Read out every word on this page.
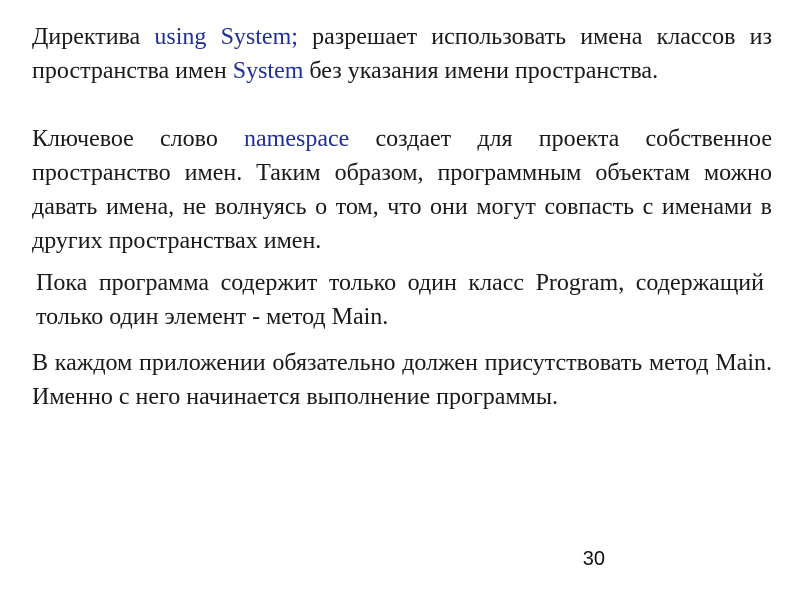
Директива using System; разрешает использовать имена классов из пространства имен System без указания имени пространства.
Ключевое слово namespace создает для проекта собственное пространство имен. Таким образом, программным объектам можно давать имена, не волнуясь о том, что они могут совпасть с именами в других пространствах имен.
Пока программа содержит только один класс Program, содержащий только один элемент - метод Main.
В каждом приложении обязательно должен присутствовать метод Main. Именно с него начинается выполнение программы.
30
